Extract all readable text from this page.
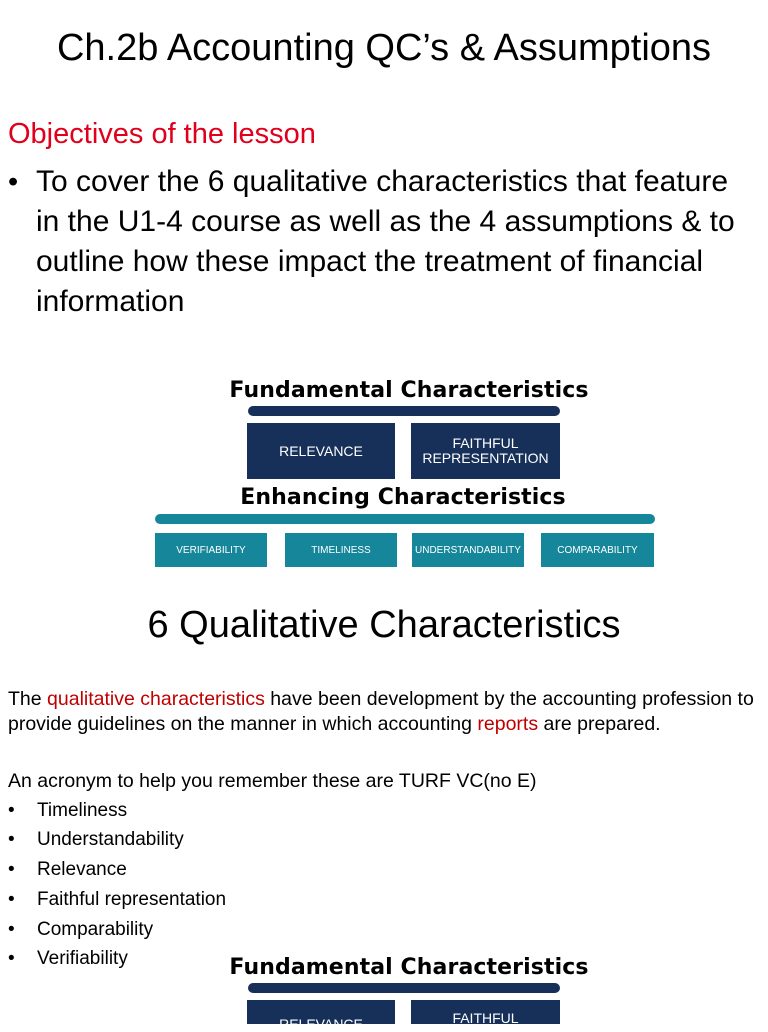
Ch.2b Accounting QC’s & Assumptions
Objectives of the lesson
• To cover the 6 qualitative characteristics that feature in the U1-4 course as well as the 4 assumptions & to outline how these impact the treatment of financial information
Fundamental Characteristics
RELEVANCE	FAITHFUL REPRESENTATION
Enhancing Characteristics
VERIFIABILITY	TIMELINESS	UNDERSTANDABILITY	COMPARABILITY
6 Qualitative Characteristics
The qualitative characteristics have been development by the accounting profession to provide guidelines on the manner in which accounting reports are prepared.
An acronym to help you remember these are TURF VC(no E)
• Timeliness
• Understandability
• Relevance
• Faithful representation
• Comparability
• Verifiability	Fundamental Characteristics
RELEVANCE	FAITHFUL
